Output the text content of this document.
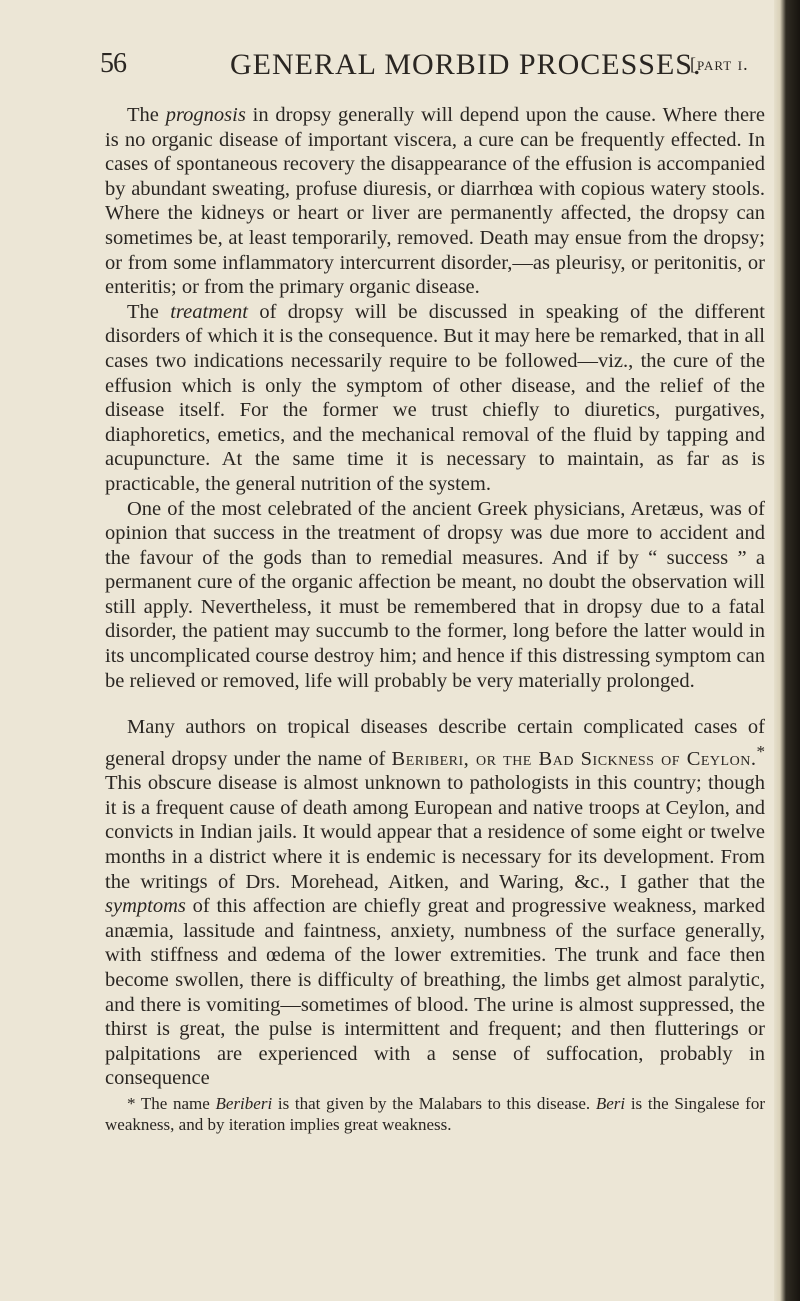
56	GENERAL MORBID PROCESSES.
[part i.

The prognosis in dropsy generally will depend upon the cause. Where there is no organic disease of important viscera, a cure can be frequently effected. In cases of spontaneous recovery the disappearance of the effusion is accompanied by abundant sweating, profuse diuresis, or diarrhœa with copious watery stools. Where the kidneys or heart or liver are permanently affected, the dropsy can sometimes be, at least temporarily, removed. Death may ensue from the dropsy; or from some inflammatory intercurrent disorder,—as pleurisy, or peritonitis, or enteritis; or from the primary organic disease.

The treatment of dropsy will be discussed in speaking of the different disorders of which it is the consequence. But it may here be remarked, that in all cases two indications necessarily require to be followed—viz., the cure of the effusion which is only the symptom of other disease, and the relief of the disease itself. For the former we trust chiefly to diuretics, purgatives, diaphoretics, emetics, and the mechanical removal of the fluid by tapping and acupuncture. At the same time it is necessary to maintain, as far as is practicable, the general nutrition of the system.

One of the most celebrated of the ancient Greek physicians, Aretæus, was of opinion that success in the treatment of dropsy was due more to accident and the favour of the gods than to remedial measures. And if by “ success ” a permanent cure of the organic affection be meant, no doubt the observation will still apply. Nevertheless, it must be remembered that in dropsy due to a fatal disorder, the patient may succumb to the former, long before the latter would in its uncomplicated course destroy him; and hence if this distressing symptom can be relieved or removed, life will probably be very materially prolonged.

Many authors on tropical diseases describe certain complicated cases of general dropsy under the name of Beriberi, or the Bad Sickness of Ceylon.* This obscure disease is almost unknown to pathologists in this country; though it is a frequent cause of death among European and native troops at Ceylon, and convicts in Indian jails. It would appear that a residence of some eight or twelve months in a district where it is endemic is necessary for its development. From the writings of Drs. Morehead, Aitken, and Waring, &c., I gather that the symptoms of this affection are chiefly great and progressive weakness, marked anæmia, lassitude and faintness, anxiety, numbness of the surface generally, with stiffness and œdema of the lower extremities. The trunk and face then become swollen, there is difficulty of breathing, the limbs get almost paralytic, and there is vomiting—sometimes of blood. The urine is almost suppressed, the thirst is great, the pulse is intermittent and frequent; and then flutterings or palpitations are experienced with a sense of suffocation, probably in consequence

* The name Beriberi is that given by the Malabars to this disease. Beri is the Singalese for weakness, and by iteration implies great weakness.
